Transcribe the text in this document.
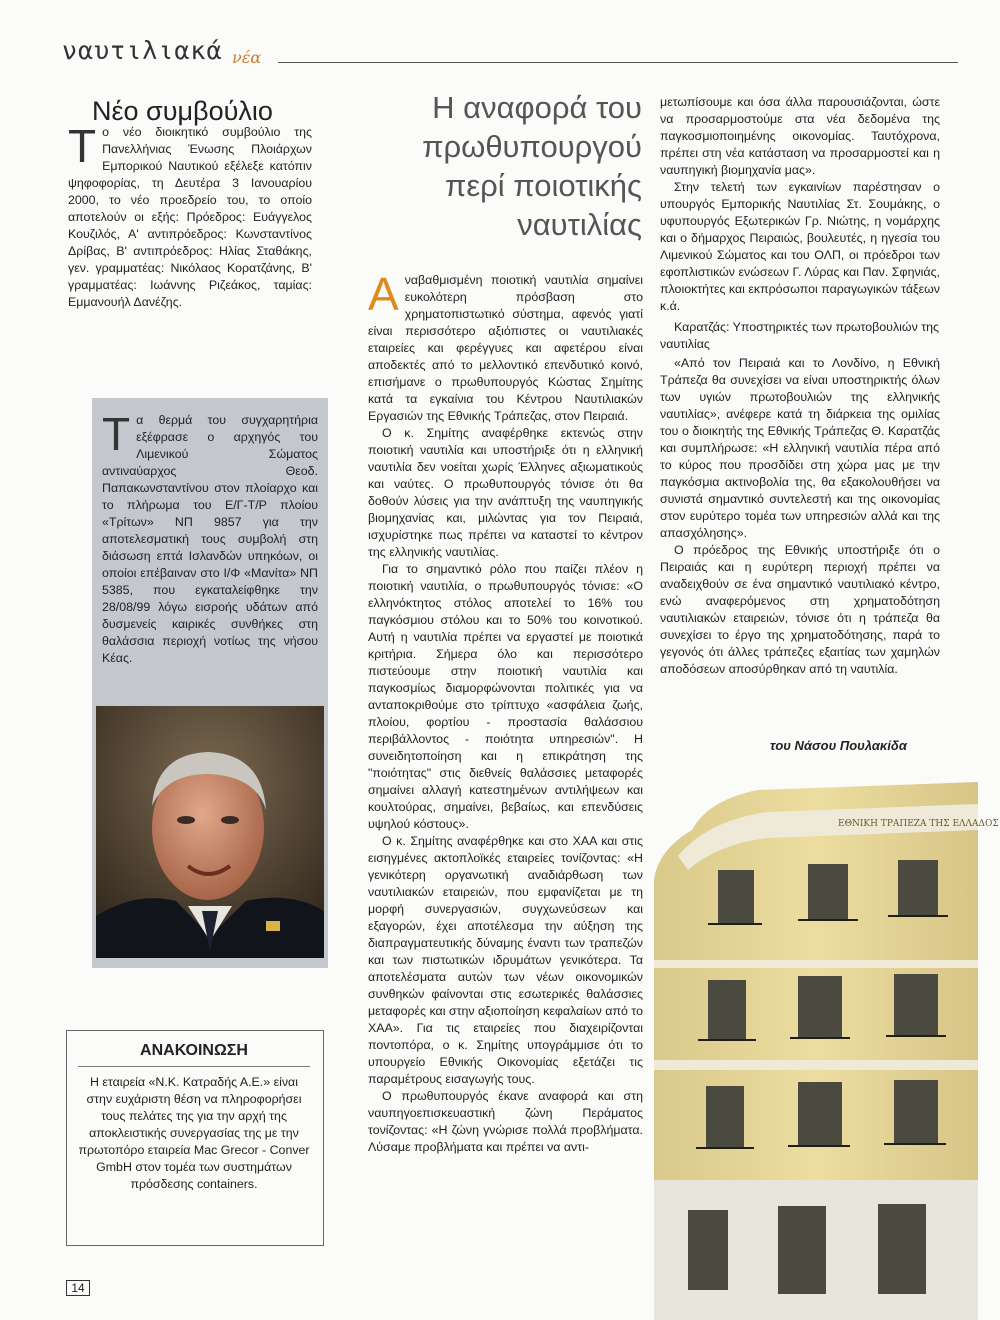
ναυτιλιακά νέα
Νέο συμβούλιο

Το νέο διοικητικό συμβούλιο της Πανελλήνιας Ένωσης Πλοιάρχων Εμπορικού Ναυτικού εξέλεξε κατόπιν ψηφοφορίας, τη Δευτέρα 3 Ιανουαρίου 2000, το νέο προεδρείο του, το οποίο αποτελούν οι εξής: Πρόεδρος: Ευάγγελος Κουζιλός, Α' αντιπρόεδρος: Κωνσταντίνος Δρίβας, Β' αντιπρόεδρος: Ηλίας Σταθάκης, γεν. γραμματέας: Νικόλαος Κορατζάνης, Β' γραμματέας: Ιωάννης Ριζεάκος, ταμίας: Εμμανουήλ Δανέζης.

Τα θερμά του συγχαρητήρια εξέφρασε ο αρχηγός του Λιμενικού Σώματος αντιναύαρχος Θεοδ. Παπακωνσταντίνου στον πλοίαρχο και το πλήρωμα του Ε/Γ-Τ/Ρ πλοίου «Τρίτων» ΝΠ 9857 για την αποτελεσματική τους συμβολή στη διάσωση επτά Ισλανδών υπηκόων, οι οποίοι επέβαιναν στο Ι/Φ «Μανίτα» ΝΠ 5385, που εγκαταλείφθηκε την 28/08/99 λόγω εισροής υδάτων από δυσμενείς καιρικές συνθήκες στη θαλάσσια περιοχή νοτίως της νήσου Κέας.

ΑΝΑΚΟΙΝΩΣΗ

Η εταιρεία «Ν.Κ. Κατραδής Α.Ε.» είναι στην ευχάριστη θέση να πληροφορήσει τους πελάτες της για την αρχή της αποκλειστικής συνεργασίας της με την πρωτοπόρο εταιρεία Mac Grecor - Conver GmbH στον τομέα των συστημάτων πρόσδεσης containers.

14
Η αναφορά του
πρωθυπουργού
περί ποιοτικής
ναυτιλίας

Αναβαθμισμένη ποιοτική ναυτιλία σημαίνει ευκολότερη πρόσβαση στο χρηματοπιστωτικό σύστημα, αφενός γιατί είναι περισσότερο αξιόπιστες οι ναυτιλιακές εταιρείες και φερέγγυες και αφετέρου είναι αποδεκτές από το μελλοντικό επενδυτικό κοινό, επισήμανε ο πρωθυπουργός Κώστας Σημίτης κατά τα εγκαίνια του Κέντρου Ναυτιλιακών Εργασιών της Εθνικής Τράπεζας, στον Πειραιά.

Ο κ. Σημίτης αναφέρθηκε εκτενώς στην ποιοτική ναυτιλία και υποστήριξε ότι η ελληνική ναυτιλία δεν νοείται χωρίς Έλληνες αξιωματικούς και ναύτες. Ο πρωθυπουργός τόνισε ότι θα δοθούν λύσεις για την ανάπτυξη της ναυπηγικής βιομηχανίας και, μιλώντας για τον Πειραιά, ισχυρίστηκε πως πρέπει να καταστεί το κέντρον της ελληνικής ναυτιλίας.

Για το σημαντικό ρόλο που παίζει πλέον η ποιοτική ναυτιλία, ο πρωθυπουργός τόνισε: «Ο ελληνόκτητος στόλος αποτελεί το 16% του παγκόσμιου στόλου και το 50% του κοινοτικού. Αυτή η ναυτιλία πρέπει να εργαστεί με ποιοτικά κριτήρια. Σήμερα όλο και περισσότερο πιστεύουμε στην ποιοτική ναυτιλία και παγκοσμίως διαμορφώνονται πολιτικές για να ανταποκριθούμε στο τρίπτυχο «ασφάλεια ζωής, πλοίου, φορτίου - προστασία θαλάσσιου περιβάλλοντος - ποιότητα υπηρεσιών". Η συνειδητοποίηση και η επικράτηση της "ποιότητας" στις διεθνείς θαλάσσιες μεταφορές σημαίνει αλλαγή κατεστημένων αντιλήψεων και κουλτούρας, σημαίνει, βεβαίως, και επενδύσεις υψηλού κόστους».

Ο κ. Σημίτης αναφέρθηκε και στο ΧΑΑ και στις εισηγμένες ακτοπλοϊκές εταιρείες τονίζοντας: «Η γενικότερη οργανωτική αναδιάρθωση των ναυτιλιακών εταιρειών, που εμφανίζεται με τη μορφή συνεργασιών, συγχωνεύσεων και εξαγορών, έχει αποτέλεσμα την αύξηση της διαπραγματευτικής δύναμης έναντι των τραπεζών και των πιστωτικών ιδρυμάτων γενικότερα. Τα αποτελέσματα αυτών των νέων οικονομικών συνθηκών φαίνονται στις εσωτερικές θαλάσσιες μεταφορές και στην αξιοποίηση κεφαλαίων από το ΧΑΑ». Για τις εταιρείες που διαχειρίζονται ποντοπόρα, ο κ. Σημίτης υπογράμμισε ότι το υπουργείο Εθνικής Οικονομίας εξετάζει τις παραμέτρους εισαγωγής τους.

Ο πρωθυπουργός έκανε αναφορά και στη ναυπηγοεπισκευαστική ζώνη Περάματος τονίζοντας: «Η ζώνη γνώρισε πολλά προβλήματα. Λύσαμε προβλήματα και πρέπει να αντι-

μετωπίσουμε και όσα άλλα παρουσιάζονται, ώστε να προσαρμοστούμε στα νέα δεδομένα της παγκοσμιοποιημένης οικονομίας. Ταυτόχρονα, πρέπει στη νέα κατάσταση να προσαρμοστεί και η ναυπηγική βιομηχανία μας».

Στην τελετή των εγκαινίων παρέστησαν ο υπουργός Εμπορικής Ναυτιλίας Στ. Σουμάκης, ο υφυπουργός Εξωτερικών Γρ. Νιώτης, η νομάρχης και ο δήμαρχος Πειραιώς, βουλευτές, η ηγεσία του Λιμενικού Σώματος και του ΟΛΠ, οι πρόεδροι των εφοπλιστικών ενώσεων Γ. Λύρας και Παν. Σφηνιάς, πλοιοκτήτες και εκπρόσωποι παραγωγικών τάξεων κ.ά.

Καρατζάς: Υποστηρικτές των πρωτοβουλιών της ναυτιλίας

«Από τον Πειραιά και το Λονδίνο, η Εθνική Τράπεζα θα συνεχίσει να είναι υποστηρικτής όλων των υγιών πρωτοβουλιών της ελληνικής ναυτιλίας», ανέφερε κατά τη διάρκεια της ομιλίας του ο διοικητής της Εθνικής Τράπεζας Θ. Καρατζάς και συμπλήρωσε: «Η ελληνική ναυτιλία πέρα από το κύρος που προσδίδει στη χώρα μας με την παγκόσμια ακτινοβολία της, θα εξακολουθήσει να συνιστά σημαντικό συντελεστή και της οικονομίας στον ευρύτερο τομέα των υπηρεσιών αλλά και της απασχόλησης».

Ο πρόεδρος της Εθνικής υποστήριξε ότι ο Πειραιάς και η ευρύτερη περιοχή πρέπει να αναδειχθούν σε ένα σημαντικό ναυτιλιακό κέντρο, ενώ αναφερόμενος στη χρηματοδότηση ναυτιλιακών εταιρειών, τόνισε ότι η τράπεζα θα συνεχίσει το έργο της χρηματοδότησης, παρά το γεγονός ότι άλλες τράπεζες εξαιτίας των χαμηλών αποδόσεων αποσύρθηκαν από τη ναυτιλία.

του Νάσου Πουλακίδα
ΕΘΝΙΚΗ ΤΡΑΠΕΖΑ ΤΗΣ ΕΛΛΑΔΟΣ
